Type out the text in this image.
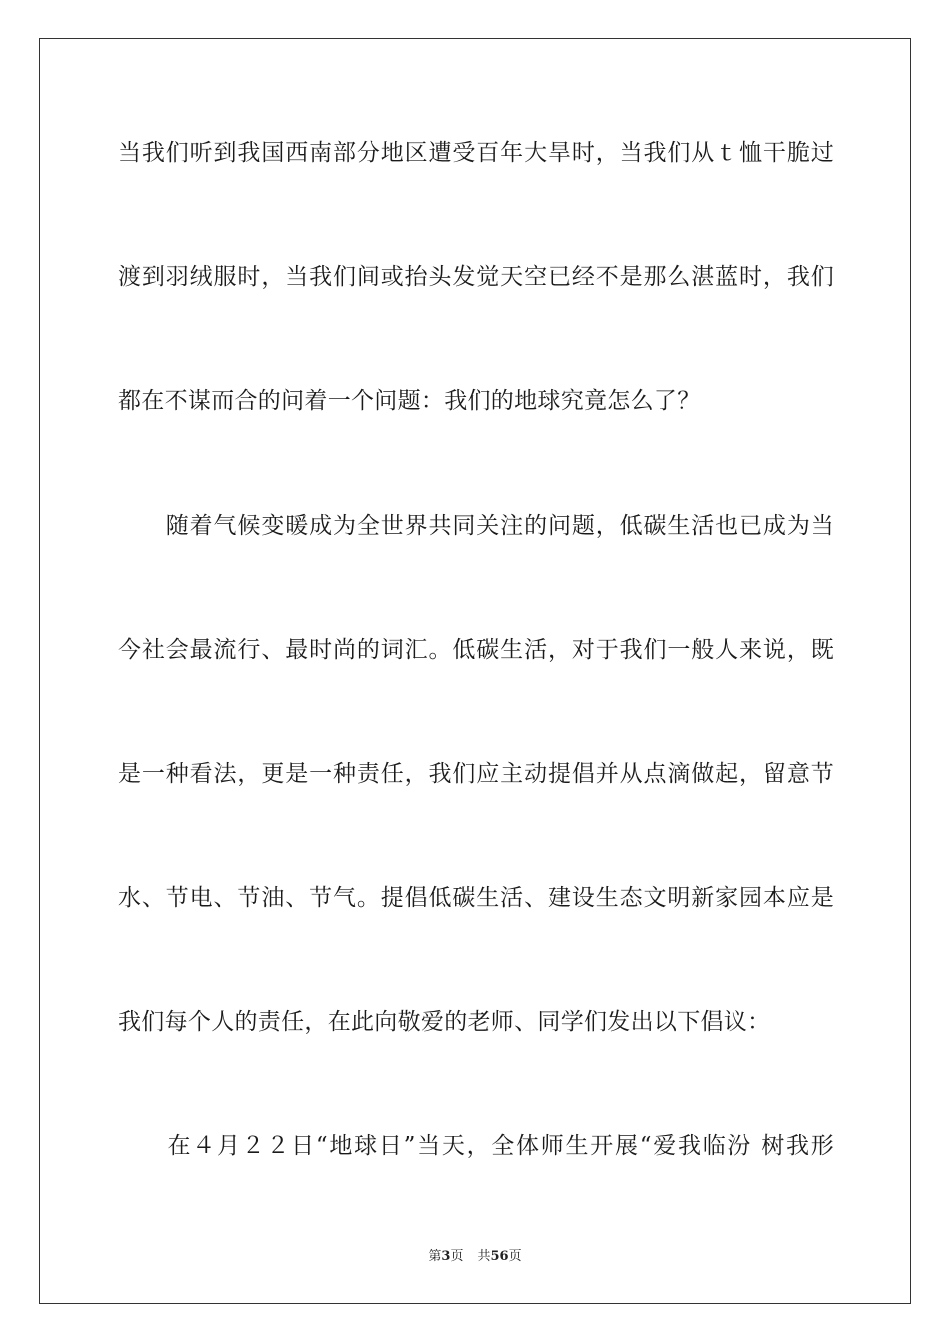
当我们听到我国西南部分地区遭受百年大旱时，当我们从ｔ恤干脆过
渡到羽绒服时，当我们间或抬头发觉天空已经不是那么湛蓝时，我们
都在不谋而合的问着一个问题：我们的地球究竟怎么了？
　　随着气候变暖成为全世界共同关注的问题，低碳生活也已成为当
今社会最流行、最时尚的词汇。低碳生活，对于我们一般人来说，既
是一种看法，更是一种责任，我们应主动提倡并从点滴做起，留意节
水、节电、节油、节气。提倡低碳生活、建设生态文明新家园本应是
我们每个人的责任，在此向敬爱的老师、同学们发出以下倡议：
　　在４月２２日“地球日”当天，全体师生开展“爱我临汾 树我形
第3页 共56页
